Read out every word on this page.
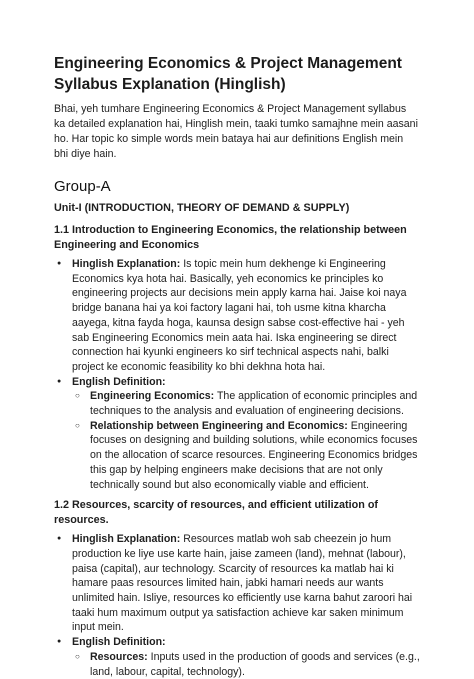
Engineering Economics & Project Management Syllabus Explanation (Hinglish)

Bhai, yeh tumhare Engineering Economics & Project Management syllabus ka detailed explanation hai, Hinglish mein, taaki tumko samajhne mein aasani ho. Har topic ko simple words mein bataya hai aur definitions English mein bhi diye hain.

Group-A
Unit-I (INTRODUCTION, THEORY OF DEMAND & SUPPLY)
1.1 Introduction to Engineering Economics, the relationship between Engineering and Economics
● Hinglish Explanation: Is topic mein hum dekhenge ki Engineering Economics kya hota hai. Basically, yeh economics ke principles ko engineering projects aur decisions mein apply karna hai. Jaise koi naya bridge banana hai ya koi factory lagani hai, toh usme kitna kharcha aayega, kitna fayda hoga, kaunsa design sabse cost-effective hai - yeh sab Engineering Economics mein aata hai. Iska engineering se direct connection hai kyunki engineers ko sirf technical aspects nahi, balki project ke economic feasibility ko bhi dekhna hota hai.
● English Definition:
○ Engineering Economics: The application of economic principles and techniques to the analysis and evaluation of engineering decisions.
○ Relationship between Engineering and Economics: Engineering focuses on designing and building solutions, while economics focuses on the allocation of scarce resources. Engineering Economics bridges this gap by helping engineers make decisions that are not only technically sound but also economically viable and efficient.
1.2 Resources, scarcity of resources, and efficient utilization of resources.
● Hinglish Explanation: Resources matlab woh sab cheezein jo hum production ke liye use karte hain, jaise zameen (land), mehnat (labour), paisa (capital), aur technology. Scarcity of resources ka matlab hai ki hamare paas resources limited hain, jabki hamari needs aur wants unlimited hain. Isliye, resources ko efficiently use karna bahut zaroori hai taaki hum maximum output ya satisfaction achieve kar saken minimum input mein.
● English Definition:
○ Resources: Inputs used in the production of goods and services (e.g., land, labour, capital, technology).
